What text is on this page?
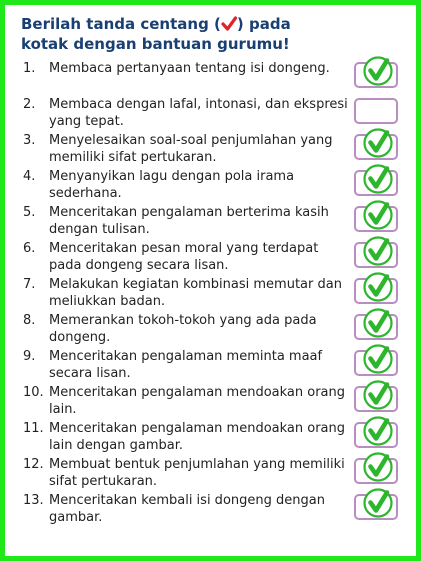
Berilah tanda centang ( ) pada kotak dengan bantuan gurumu!
1.	Membaca pertanyaan tentang isi dongeng.
2.	Membaca dengan lafal, intonasi, dan ekspresi yang tepat.
3.	Menyelesaikan soal-soal penjumlahan yang memiliki sifat pertukaran.
4.	Menyanyikan lagu dengan pola irama sederhana.
5.	Menceritakan pengalaman berterima kasih dengan tulisan.
6.	Menceritakan pesan moral yang terdapat pada dongeng secara lisan.
7.	Melakukan kegiatan kombinasi memutar dan meliukkan badan.
8.	Memerankan tokoh-tokoh yang ada pada dongeng.
9.	Menceritakan pengalaman meminta maaf secara lisan.
10. Menceritakan pengalaman mendoakan orang lain.
11. Menceritakan pengalaman mendoakan orang lain dengan gambar.
12. Membuat bentuk penjumlahan yang memiliki sifat pertukaran.
13. Menceritakan kembali isi dongeng dengan gambar.
